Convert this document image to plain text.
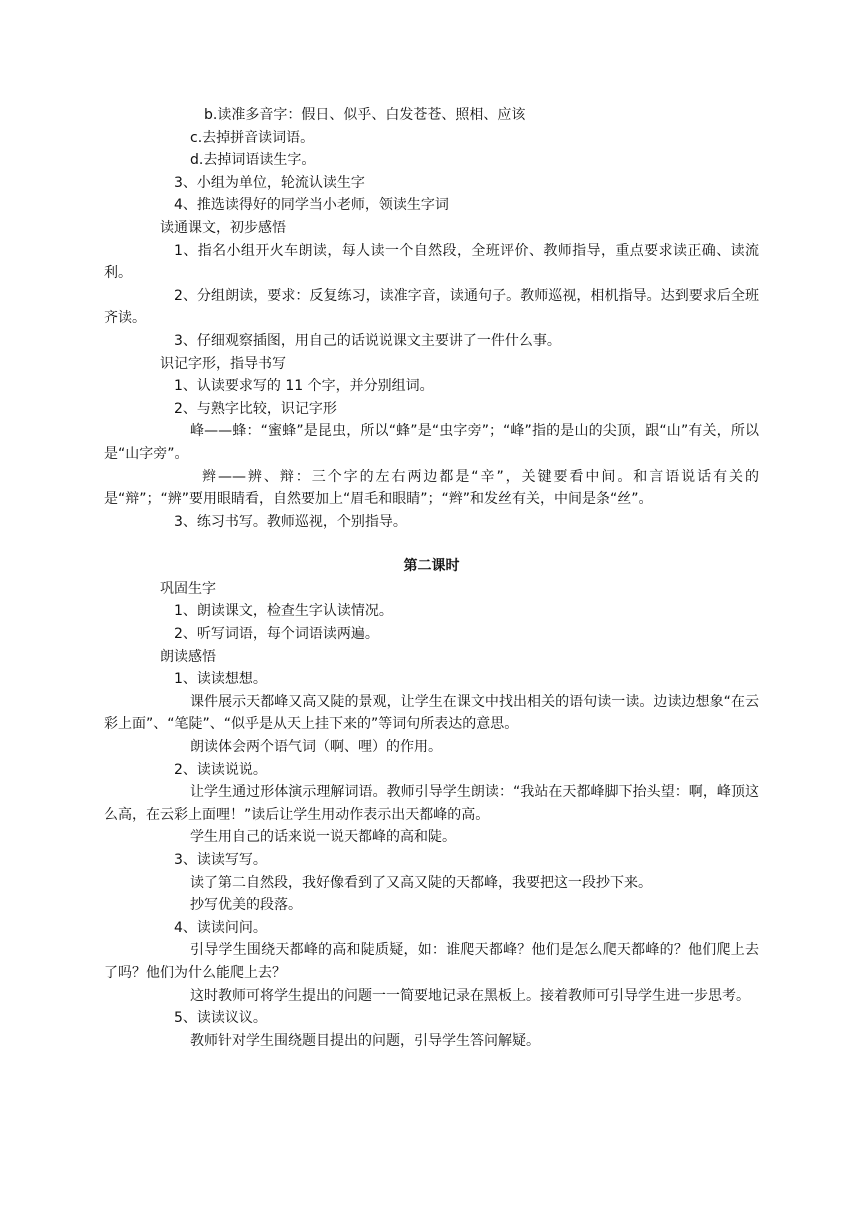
b.读准多音字：假日、似乎、白发苍苍、照相、应该
c.去掉拼音读词语。
d.去掉词语读生字。
3、小组为单位，轮流认读生字
4、推选读得好的同学当小老师，领读生字词
读通课文，初步感悟
1、指名小组开火车朗读，每人读一个自然段，全班评价、教师指导，重点要求读正确、读流利。
2、分组朗读，要求：反复练习，读准字音，读通句子。教师巡视，相机指导。达到要求后全班齐读。
3、仔细观察插图，用自己的话说说课文主要讲了一件什么事。
识记字形，指导书写
1、认读要求写的 11 个字，并分别组词。
2、与熟字比较，识记字形
峰——蜂：“蜜蜂”是昆虫，所以“蜂”是“虫字旁”；“峰”指的是山的尖顶，跟“山”有关，所以是“山字旁”。
辫——辨、辩：三个字的左右两边都是“辛”，关键要看中间。和言语说话有关的是“辩”；“辨”要用眼睛看，自然要加上“眉毛和眼睛”；“辫”和发丝有关，中间是条“丝”。
3、练习书写。教师巡视，个别指导。
第二课时
巩固生字
1、朗读课文，检查生字认读情况。
2、听写词语，每个词语读两遍。
朗读感悟
1、读读想想。
课件展示天都峰又高又陡的景观，让学生在课文中找出相关的语句读一读。边读边想象“在云彩上面”、“笔陡”、“似乎是从天上挂下来的”等词句所表达的意思。
朗读体会两个语气词（啊、哩）的作用。
2、读读说说。
让学生通过形体演示理解词语。教师引导学生朗读：“我站在天都峰脚下抬头望：啊，峰顶这么高，在云彩上面哩！”读后让学生用动作表示出天都峰的高。
学生用自己的话来说一说天都峰的高和陡。
3、读读写写。
读了第二自然段，我好像看到了又高又陡的天都峰，我要把这一段抄下来。
抄写优美的段落。
4、读读问问。
引导学生围绕天都峰的高和陡质疑，如：谁爬天都峰？他们是怎么爬天都峰的？他们爬上去了吗？他们为什么能爬上去？
这时教师可将学生提出的问题一一简要地记录在黑板上。接着教师可引导学生进一步思考。
5、读读议议。
教师针对学生围绕题目提出的问题，引导学生答问解疑。
